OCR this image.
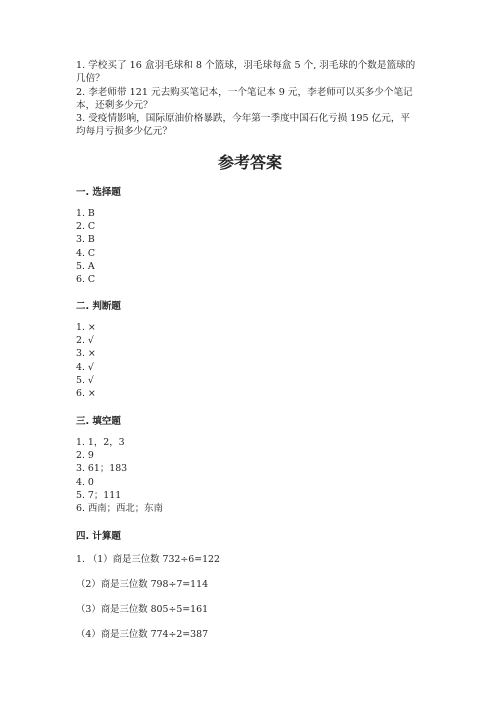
1. 学校买了 16 盒羽毛球和 8 个篮球，羽毛球每盒 5 个, 羽毛球的个数是篮球的

几倍？

2. 李老师带 121 元去购买笔记本，一个笔记本 9 元，李老师可以买多少个笔记

本，还剩多少元？

3. 受疫情影响，国际原油价格暴跌，今年第一季度中国石化亏损 195 亿元，平

均每月亏损多少亿元？

参考答案
一. 选择题
1. B
2. C
3. B
4. C
5. A
6. C
二. 判断题
1. ×
2. √
3. ×
4. √
5. √
6. ×
三. 填空题
1. 1，2，3
2. 9
3. 61；183
4. 0
5. 7；111
6. 西南；西北；东南
四. 计算题
1. （1）商是三位数 732÷6=122
（2）商是三位数 798÷7=114
（3）商是三位数 805÷5=161
（4）商是三位数 774÷2=387
